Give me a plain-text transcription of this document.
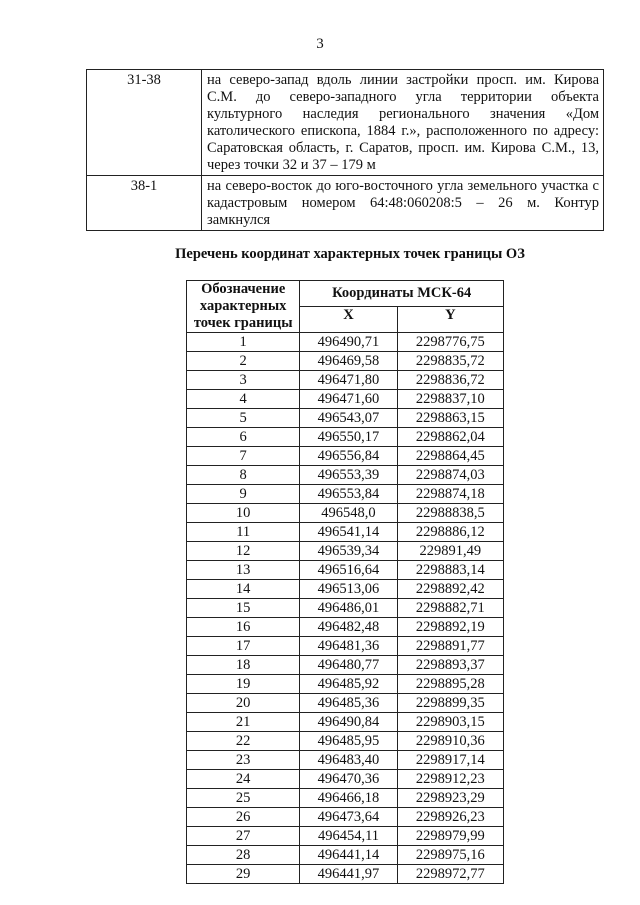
3
31-38	на северо-запад вдоль линии застройки просп. им. Кирова С.М. до северо-западного угла территории объекта культурного наследия регионального значения «Дом католического епископа, 1884 г.», расположенного по адресу: Саратовская область, г. Саратов, просп. им. Кирова С.М., 13, через точки 32 и 37 – 179 м
38-1	на северо-восток до юго-восточного угла земельного участка с кадастровым номером 64:48:060208:5 – 26 м. Контур замкнулся
Перечень координат характерных точек границы ОЗ
Обозначение характерных точек границы	Координаты МСК-64	
	X	Y
1	496490,71	2298776,75
2	496469,58	2298835,72
3	496471,80	2298836,72
4	496471,60	2298837,10
5	496543,07	2298863,15
6	496550,17	2298862,04
7	496556,84	2298864,45
8	496553,39	2298874,03
9	496553,84	2298874,18
10	496548,0	22988838,5
11	496541,14	2298886,12
12	496539,34	229891,49
13	496516,64	2298883,14
14	496513,06	2298892,42
15	496486,01	2298882,71
16	496482,48	2298892,19
17	496481,36	2298891,77
18	496480,77	2298893,37
19	496485,92	2298895,28
20	496485,36	2298899,35
21	496490,84	2298903,15
22	496485,95	2298910,36
23	496483,40	2298917,14
24	496470,36	2298912,23
25	496466,18	2298923,29
26	496473,64	2298926,23
27	496454,11	2298979,99
28	496441,14	2298975,16
29	496441,97	2298972,77
